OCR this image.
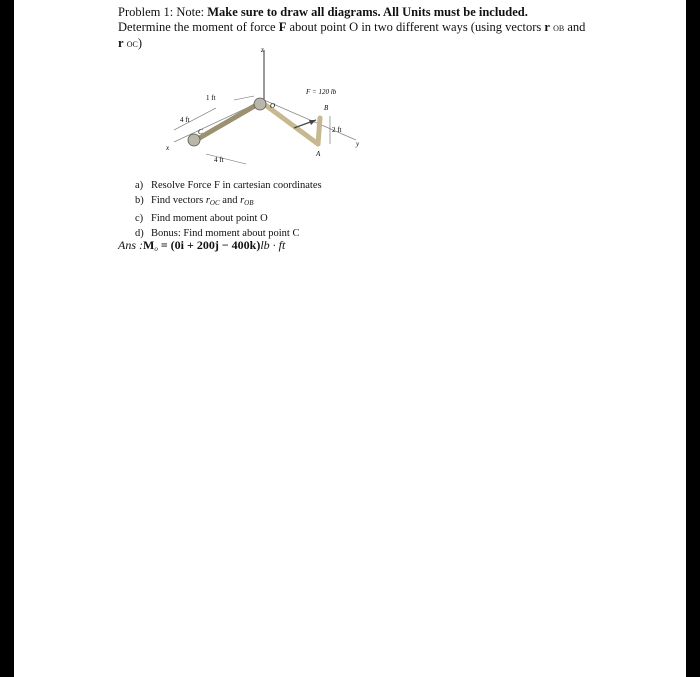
Problem 1: Note: Make sure to draw all diagrams. All Units must be included.
Determine the moment of force F about point O in two different ways (using vectors r OB and
r OC)	z
x	y
1 ft
4 ft
4 ft
2 ft
F = 120 lb
O	B
C
A
a) Resolve Force F in cartesian coordinates
b) Find vectors $r_{OC}$ and $r_{OB}$
c) Find moment about point O
d) Bonus: Find moment about point C
Ans $:M_o = (0i + 200j - 400k)lb$ · ft
